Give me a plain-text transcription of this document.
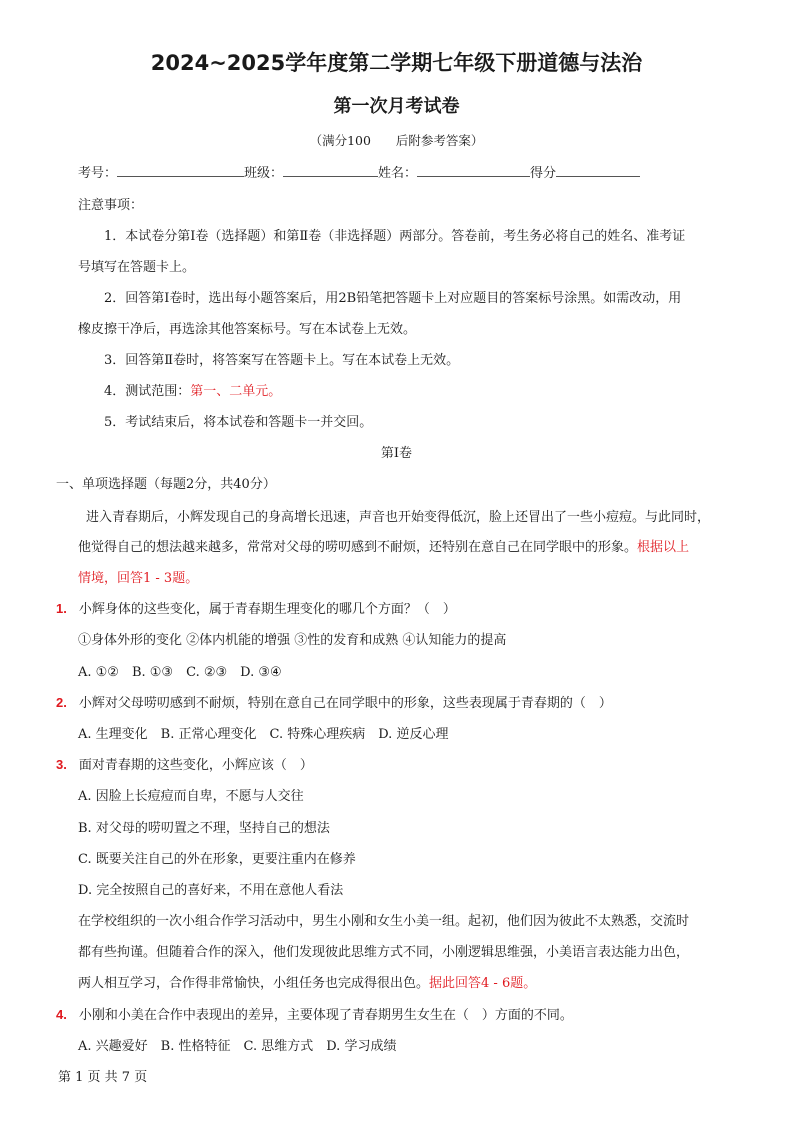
2024~2025学年度第二学期七年级下册道德与法治
第一次月考试卷
（满分100　　后附参考答案）
考号：	班级：	姓名：	得分
注意事项：
1．本试卷分第Ⅰ卷（选择题）和第Ⅱ卷（非选择题）两部分。答卷前，考生务必将自己的姓名、准考证
号填写在答题卡上。
2．回答第Ⅰ卷时，选出每小题答案后，用2B铅笔把答题卡上对应题目的答案标号涂黑。如需改动，用
橡皮擦干净后，再选涂其他答案标号。写在本试卷上无效。
3．回答第Ⅱ卷时，将答案写在答题卡上。写在本试卷上无效。
4．测试范围：第一、二单元。
5．考试结束后，将本试卷和答题卡一并交回。
第Ⅰ卷
一、单项选择题（每题2分，共40分）
进入青春期后，小辉发现自己的身高增长迅速，声音也开始变得低沉，脸上还冒出了一些小痘痘。与此同时，
他觉得自己的想法越来越多，常常对父母的唠叨感到不耐烦，还特别在意自己在同学眼中的形象。根据以上
情境，回答1 - 3题。
1. 小辉身体的这些变化，属于青春期生理变化的哪几个方面？（　）
①身体外形的变化 ②体内机能的增强 ③性的发育和成熟 ④认知能力的提高
A. ①②　B. ①③　C. ②③　D. ③④
2. 小辉对父母唠叨感到不耐烦，特别在意自己在同学眼中的形象，这些表现属于青春期的（　）
A. 生理变化　B. 正常心理变化　C. 特殊心理疾病　D. 逆反心理
3. 面对青春期的这些变化，小辉应该（　）
A. 因脸上长痘痘而自卑，不愿与人交往
B. 对父母的唠叨置之不理，坚持自己的想法
C. 既要关注自己的外在形象，更要注重内在修养
D. 完全按照自己的喜好来，不用在意他人看法
在学校组织的一次小组合作学习活动中，男生小刚和女生小美一组。起初，他们因为彼此不太熟悉，交流时
都有些拘谨。但随着合作的深入，他们发现彼此思维方式不同，小刚逻辑思维强，小美语言表达能力出色，
两人相互学习，合作得非常愉快，小组任务也完成得很出色。据此回答4 - 6题。
4. 小刚和小美在合作中表现出的差异，主要体现了青春期男生女生在（　）方面的不同。
A. 兴趣爱好　B. 性格特征　C. 思维方式　D. 学习成绩
第 1 页 共 7 页
